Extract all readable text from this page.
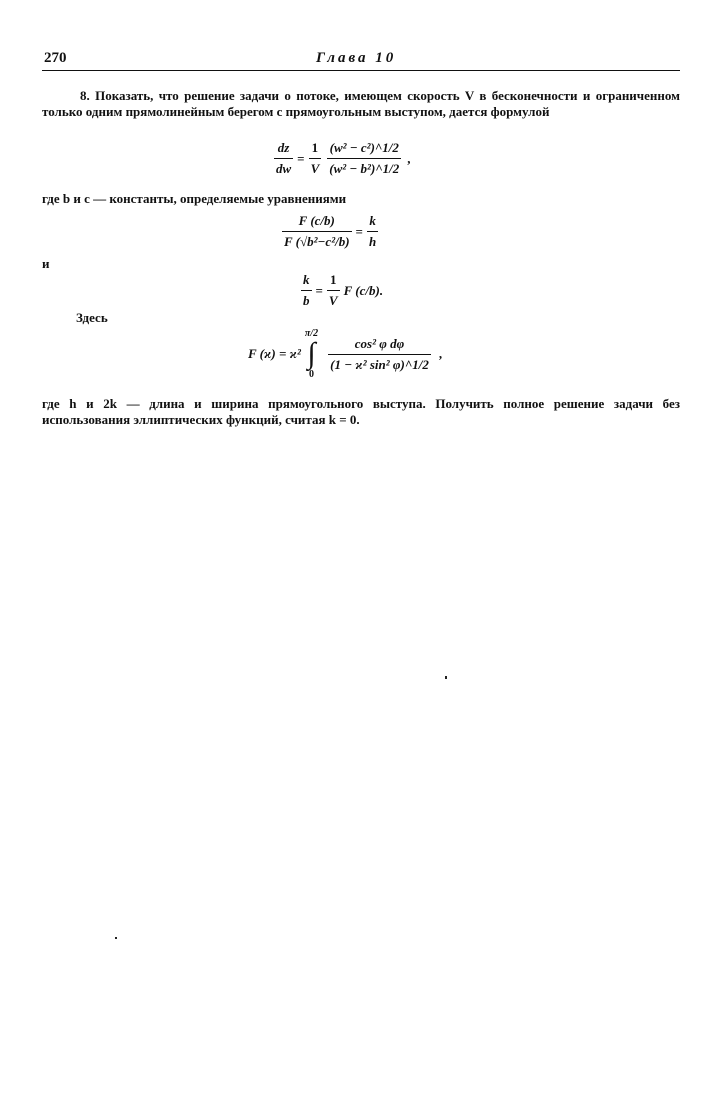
270	Глава 10
8. Показать, что решение задачи о потоке, имеющем скорость V в бесконечности и ограниченном только одним прямолинейным берегом с прямоугольным выступом, дается формулой
$\frac{dz}{dw} = \frac{1}{V} \frac{\text{(w² − c²)\textasciicircum{}1/2}}{\text{(w² − b²)\textasciicircum{}1/2}}$ ,
где b и c — константы, определяемые уравнениями
$\frac{F (c/b)}{\text{F (√b²−c²/b)}} = \frac{k}{h}$
и
$\frac{k}{b} = \frac{1}{V}$ F (c/b).
Здесь
F (ϰ) = ϰ²
π/2
∫
0
$\frac{\text{cos² φ dφ}}{\text{(1 − ϰ² sin² φ)\textasciicircum{}1/2}}$ ,
где h и 2k — длина и ширина прямоугольного выступа. Получить полное решение задачи без использования эллиптических функций, считая k = 0.
